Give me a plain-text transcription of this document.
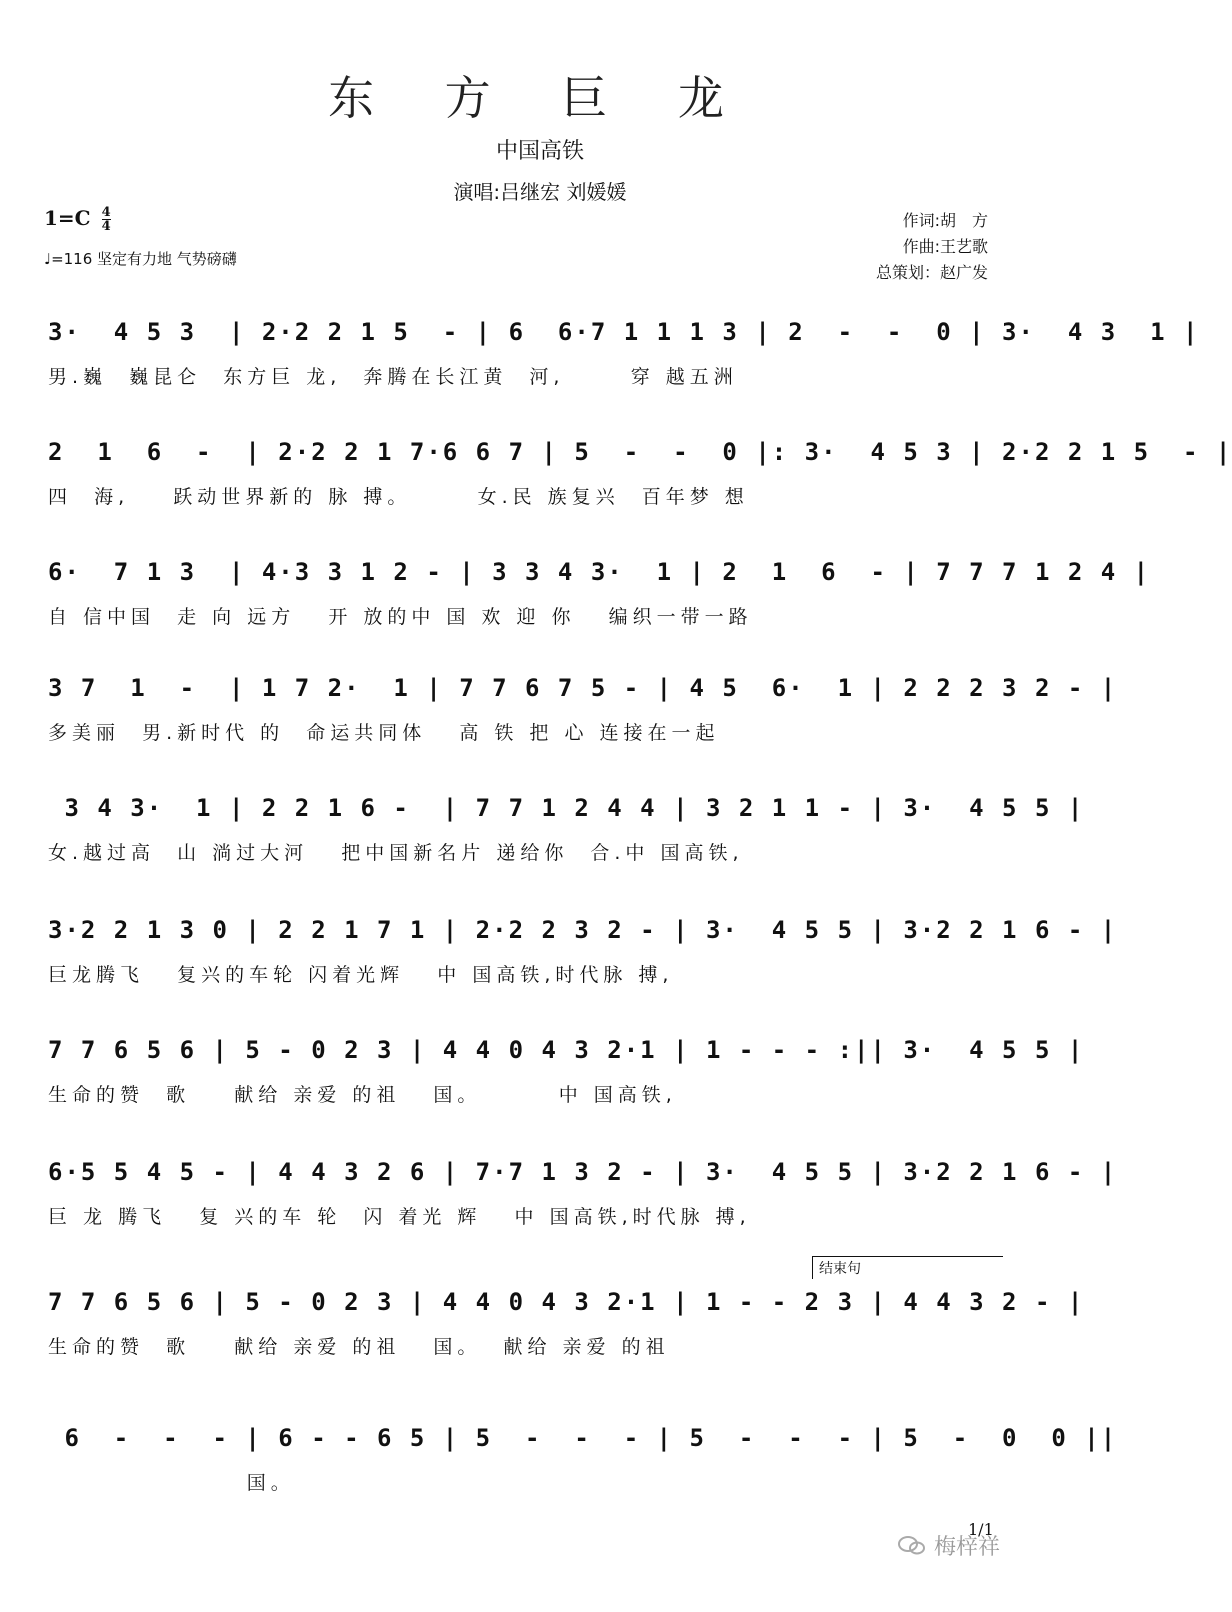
东 方 巨 龙
中国高铁
演唱:吕继宏 刘媛媛
$1=C \frac{4}{4}$
♩=116 坚定有力地 气势磅礴
作词:胡　方
作曲:王艺歌
总策划：赵广发
3·  4 5 3  | 2·2 2 1 5  - | 6  6·7 1 1 1 3 | 2  -  -  0 | 3·  4 3  1 |
男.巍  巍昆仑  东方巨 龙,  奔腾在长江黄  河,      穿 越五洲
2  1  6  -  | 2·2 2 1 7·6 6 7 | 5  -  -  0 |: 3·  4 5 3 | 2·2 2 1 5  - |
四  海,    跃动世界新的 脉 搏。      女.民 族复兴  百年梦 想
6·  7 1 3  | 4·3 3 1 2 - | 3 3 4 3·  1 | 2  1  6  - | 7 7 7 1 2 4 |
自 信中国  走 向 远方   开 放的中 国 欢 迎 你   编织一带一路
3 7  1  -  | 1 7 2·  1 | 7 7 6 7 5 - | 4 5  6·  1 | 2 2 2 3 2 - |
多美丽  男.新时代 的  命运共同体   高 铁 把 心 连接在一起
3 4 3·  1 | 2 2 1 6 -  | 7 7 1 2 4 4 | 3 2 1 1 - | 3·  4 5 5 |
女.越过高  山 淌过大河   把中国新名片 递给你  合.中 国高铁,
3·2 2 1 3 0 | 2 2 1 7 1 | 2·2 2 3 2 - | 3·  4 5 5 | 3·2 2 1 6 - |
巨龙腾飞   复兴的车轮 闪着光辉   中 国高铁,时代脉 搏,
7 7 6 5 6 | 5 - 0 2 3 | 4 4 0 4 3 2·1 | 1 - - - :|| 3·  4 5 5 |
生命的赞  歌    献给 亲爱 的祖   国。       中 国高铁,
6·5 5 4 5 - | 4 4 3 2 6 | 7·7 1 3 2 - | 3·  4 5 5 | 3·2 2 1 6 - |
巨 龙 腾飞   复 兴的车 轮  闪 着光 辉   中 国高铁,时代脉 搏,
7 7 6 5 6 | 5 - 0 2 3 | 4 4 0 4 3 2·1 | 1 - - 2 3 | 4 4 3 2 - |
生命的赞  歌    献给 亲爱 的祖   国。  献给 亲爱 的祖
6  -  -  - | 6 - - 6 5 | 5  -  -  - | 5  -  -  - | 5  -  0  0 ||
国。
结束句
1/1
梅梓祥
